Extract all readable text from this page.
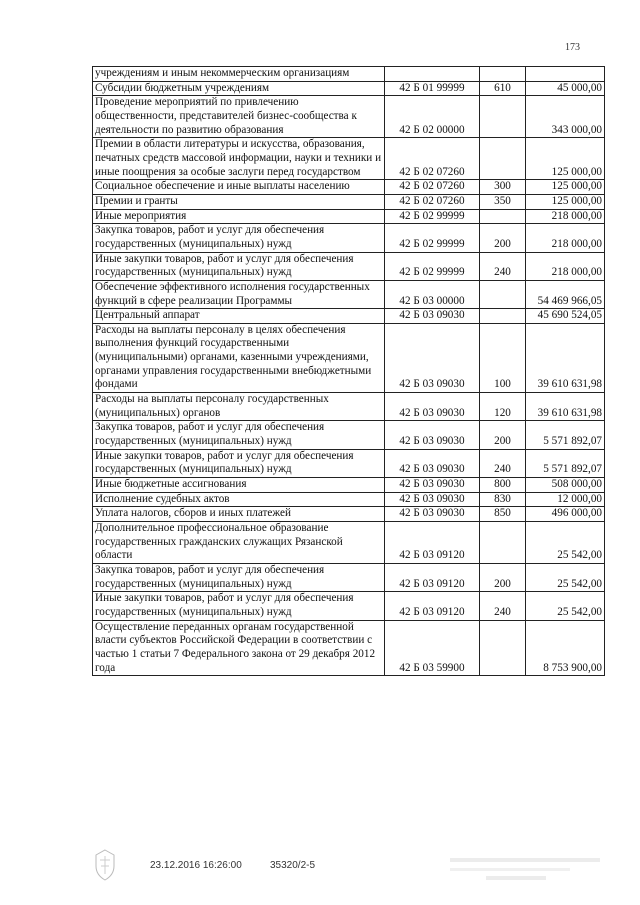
173
учреждениям и иным некоммерческим организациям			
Субсидии бюджетным учреждениям	42 Б 01 99999	610	45 000,00
Проведение мероприятий по привлечению общественности, представителей бизнес-сообщества к деятельности по развитию образования	42 Б 02 00000		343 000,00
Премии в области литературы и искусства, образования, печатных средств массовой информации, науки и техники и иные поощрения за особые заслуги перед государством	42 Б 02 07260		125 000,00
Социальное обеспечение и иные выплаты населению	42 Б 02 07260	300	125 000,00
Премии и гранты	42 Б 02 07260	350	125 000,00
Иные мероприятия	42 Б 02 99999		218 000,00
Закупка товаров, работ и услуг для обеспечения государственных (муниципальных) нужд	42 Б 02 99999	200	218 000,00
Иные закупки товаров, работ и услуг для обеспечения государственных (муниципальных) нужд	42 Б 02 99999	240	218 000,00
Обеспечение эффективного исполнения государственных функций в сфере реализации Программы	42 Б 03 00000		54 469 966,05
Центральный аппарат	42 Б 03 09030		45 690 524,05
Расходы на выплаты персоналу в целях обеспечения выполнения функций государственными (муниципальными) органами, казенными учреждениями, органами управления государственными внебюджетными фондами	42 Б 03 09030	100	39 610 631,98
Расходы на выплаты персоналу государственных (муниципальных) органов	42 Б 03 09030	120	39 610 631,98
Закупка товаров, работ и услуг для обеспечения государственных (муниципальных) нужд	42 Б 03 09030	200	5 571 892,07
Иные закупки товаров, работ и услуг для обеспечения государственных (муниципальных) нужд	42 Б 03 09030	240	5 571 892,07
Иные бюджетные ассигнования	42 Б 03 09030	800	508 000,00
Исполнение судебных актов	42 Б 03 09030	830	12 000,00
Уплата налогов, сборов и иных платежей	42 Б 03 09030	850	496 000,00
Дополнительное профессиональное образование государственных гражданских служащих Рязанской области	42 Б 03 09120		25 542,00
Закупка товаров, работ и услуг для обеспечения государственных (муниципальных) нужд	42 Б 03 09120	200	25 542,00
Иные закупки товаров, работ и услуг для обеспечения государственных (муниципальных) нужд	42 Б 03 09120	240	25 542,00
Осуществление переданных органам государственной власти субъектов Российской Федерации в соответствии с частью 1 статьи 7 Федерального закона от 29 декабря 2012 года	42 Б 03 59900		8 753 900,00
23.12.2016 16:26:00	35320/2-5
